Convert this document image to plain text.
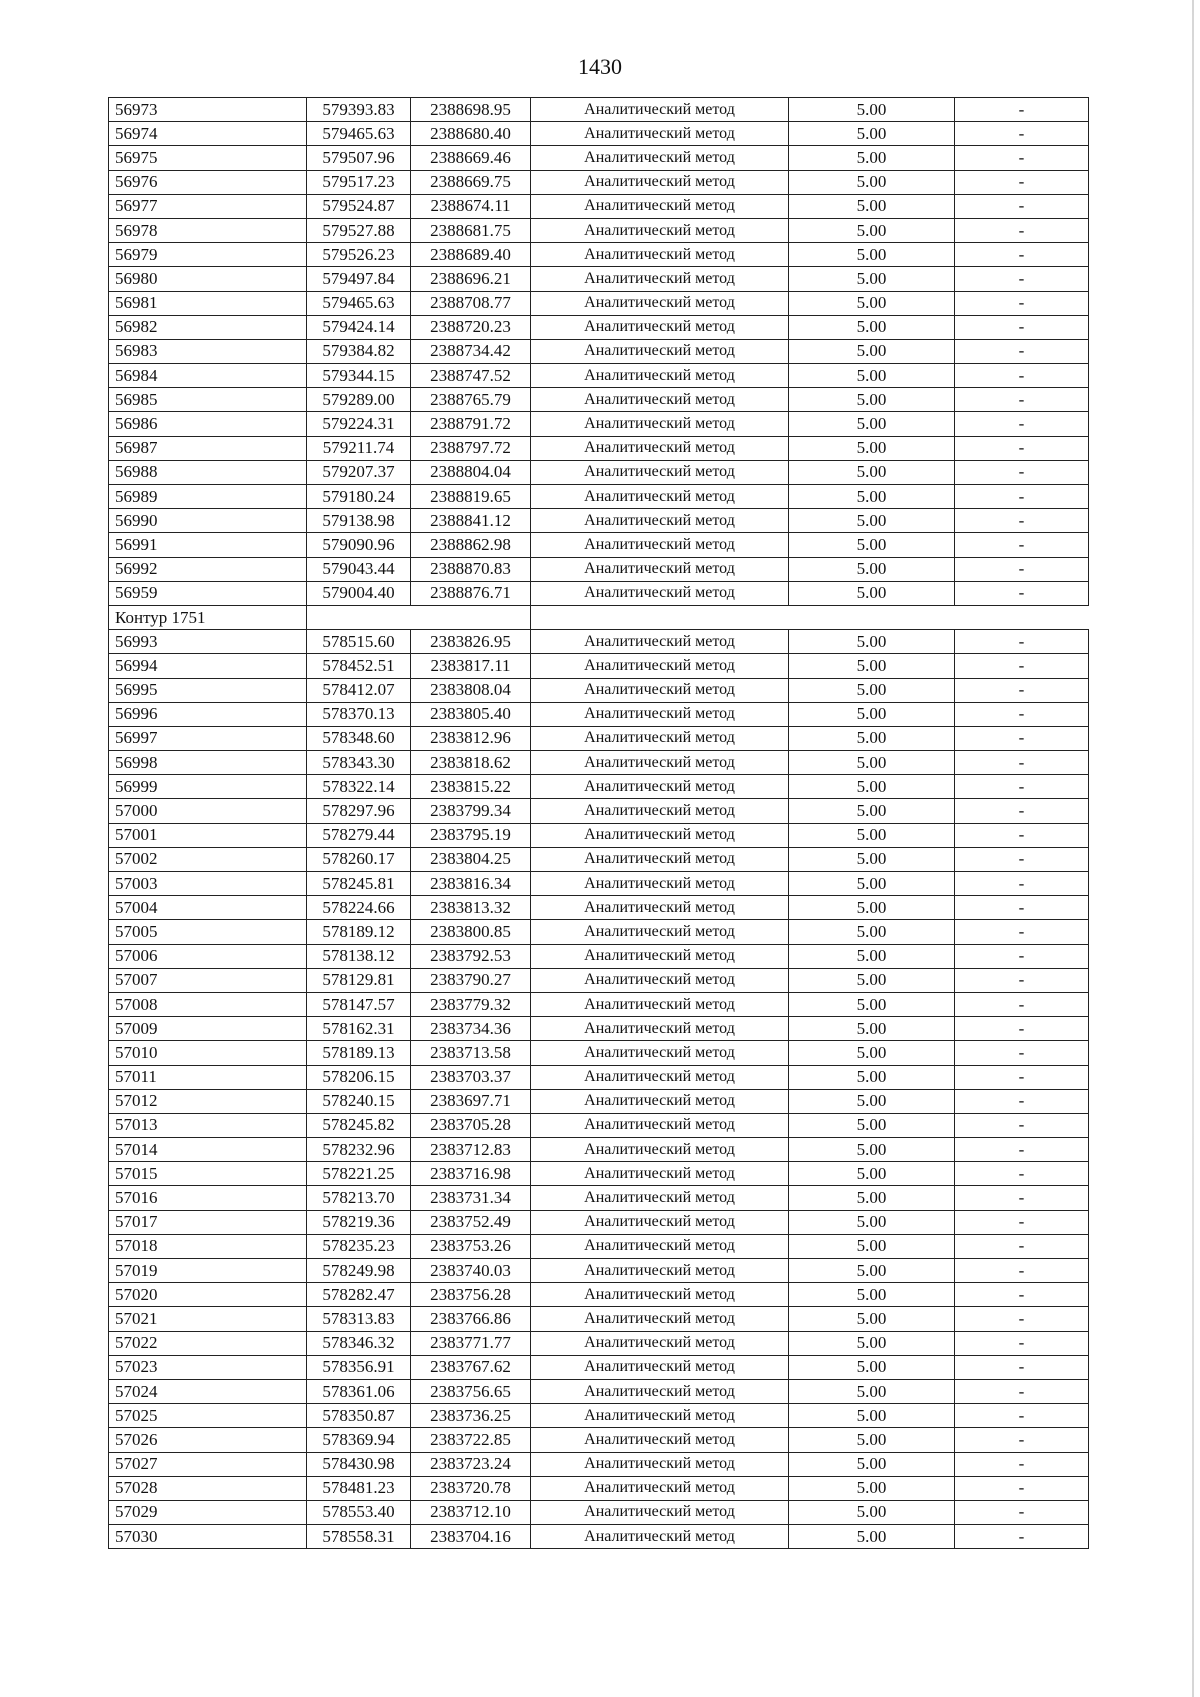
1430
56973	579393.83	2388698.95	Аналитический метод	5.00	-
56974	579465.63	2388680.40	Аналитический метод	5.00	-
56975	579507.96	2388669.46	Аналитический метод	5.00	-
56976	579517.23	2388669.75	Аналитический метод	5.00	-
56977	579524.87	2388674.11	Аналитический метод	5.00	-
56978	579527.88	2388681.75	Аналитический метод	5.00	-
56979	579526.23	2388689.40	Аналитический метод	5.00	-
56980	579497.84	2388696.21	Аналитический метод	5.00	-
56981	579465.63	2388708.77	Аналитический метод	5.00	-
56982	579424.14	2388720.23	Аналитический метод	5.00	-
56983	579384.82	2388734.42	Аналитический метод	5.00	-
56984	579344.15	2388747.52	Аналитический метод	5.00	-
56985	579289.00	2388765.79	Аналитический метод	5.00	-
56986	579224.31	2388791.72	Аналитический метод	5.00	-
56987	579211.74	2388797.72	Аналитический метод	5.00	-
56988	579207.37	2388804.04	Аналитический метод	5.00	-
56989	579180.24	2388819.65	Аналитический метод	5.00	-
56990	579138.98	2388841.12	Аналитический метод	5.00	-
56991	579090.96	2388862.98	Аналитический метод	5.00	-
56992	579043.44	2388870.83	Аналитический метод	5.00	-
56959	579004.40	2388876.71	Аналитический метод	5.00	-
Контур 1751					
56993	578515.60	2383826.95	Аналитический метод	5.00	-
56994	578452.51	2383817.11	Аналитический метод	5.00	-
56995	578412.07	2383808.04	Аналитический метод	5.00	-
56996	578370.13	2383805.40	Аналитический метод	5.00	-
56997	578348.60	2383812.96	Аналитический метод	5.00	-
56998	578343.30	2383818.62	Аналитический метод	5.00	-
56999	578322.14	2383815.22	Аналитический метод	5.00	-
57000	578297.96	2383799.34	Аналитический метод	5.00	-
57001	578279.44	2383795.19	Аналитический метод	5.00	-
57002	578260.17	2383804.25	Аналитический метод	5.00	-
57003	578245.81	2383816.34	Аналитический метод	5.00	-
57004	578224.66	2383813.32	Аналитический метод	5.00	-
57005	578189.12	2383800.85	Аналитический метод	5.00	-
57006	578138.12	2383792.53	Аналитический метод	5.00	-
57007	578129.81	2383790.27	Аналитический метод	5.00	-
57008	578147.57	2383779.32	Аналитический метод	5.00	-
57009	578162.31	2383734.36	Аналитический метод	5.00	-
57010	578189.13	2383713.58	Аналитический метод	5.00	-
57011	578206.15	2383703.37	Аналитический метод	5.00	-
57012	578240.15	2383697.71	Аналитический метод	5.00	-
57013	578245.82	2383705.28	Аналитический метод	5.00	-
57014	578232.96	2383712.83	Аналитический метод	5.00	-
57015	578221.25	2383716.98	Аналитический метод	5.00	-
57016	578213.70	2383731.34	Аналитический метод	5.00	-
57017	578219.36	2383752.49	Аналитический метод	5.00	-
57018	578235.23	2383753.26	Аналитический метод	5.00	-
57019	578249.98	2383740.03	Аналитический метод	5.00	-
57020	578282.47	2383756.28	Аналитический метод	5.00	-
57021	578313.83	2383766.86	Аналитический метод	5.00	-
57022	578346.32	2383771.77	Аналитический метод	5.00	-
57023	578356.91	2383767.62	Аналитический метод	5.00	-
57024	578361.06	2383756.65	Аналитический метод	5.00	-
57025	578350.87	2383736.25	Аналитический метод	5.00	-
57026	578369.94	2383722.85	Аналитический метод	5.00	-
57027	578430.98	2383723.24	Аналитический метод	5.00	-
57028	578481.23	2383720.78	Аналитический метод	5.00	-
57029	578553.40	2383712.10	Аналитический метод	5.00	-
57030	578558.31	2383704.16	Аналитический метод	5.00	-
